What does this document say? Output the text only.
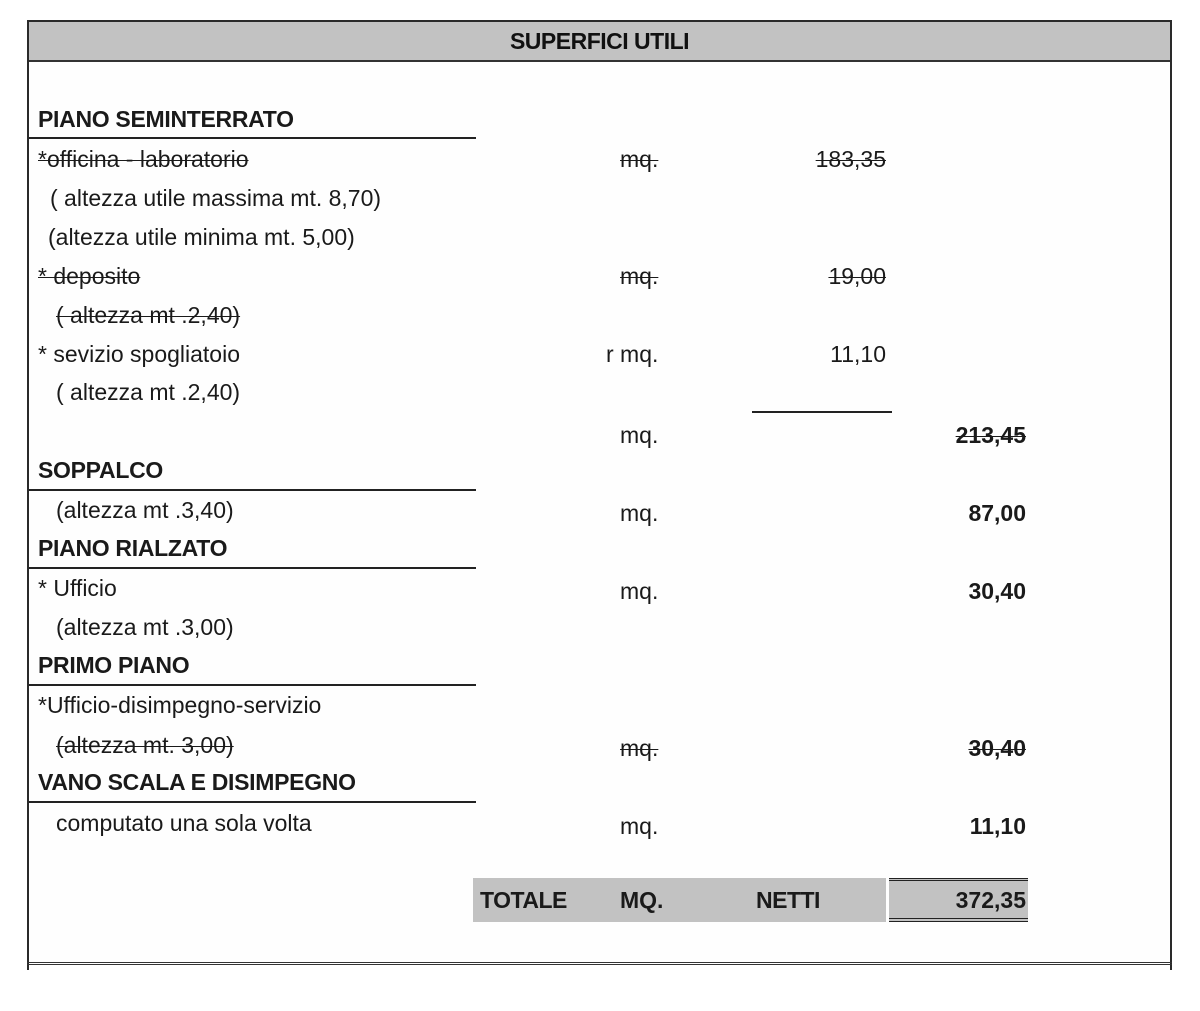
SUPERFICI UTILI
PIANO SEMINTERRATO
*officina - laboratorio	mq.	183,35
( altezza utile massima mt. 8,70)
(altezza utile minima mt. 5,00)
* deposito	mq.	19,00
( altezza mt .2,40)
* sevizio spogliatoio	r mq.	11,10
( altezza mt .2,40)
mq.	213,45
SOPPALCO
(altezza mt .3,40)	mq.	87,00
PIANO RIALZATO
* Ufficio	mq.	30,40
(altezza mt .3,00)
PRIMO PIANO
*Ufficio-disimpegno-servizio
(altezza mt. 3,00)	mq.	30,40
VANO SCALA E DISIMPEGNO
computato una sola volta	mq.	11,10
TOTALE MQ.	NETTI	372,35
